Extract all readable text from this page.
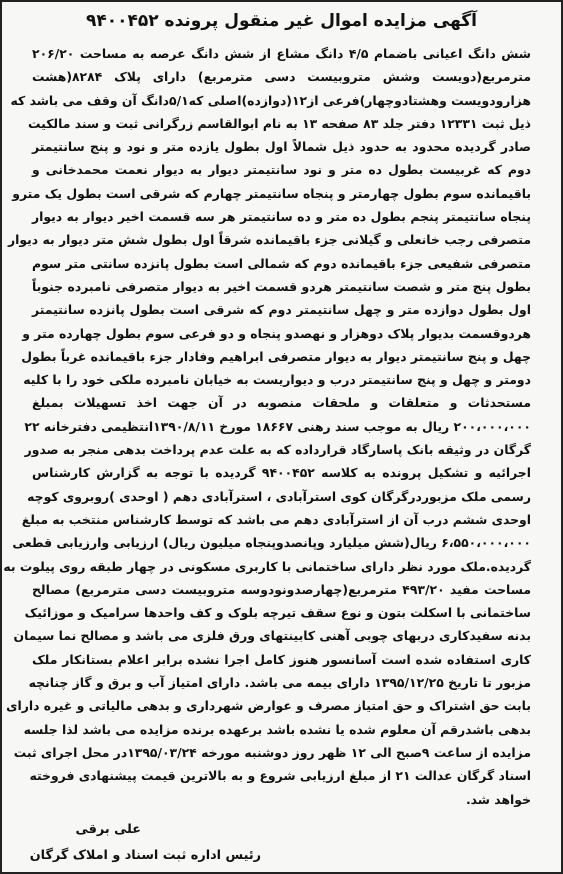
آگهی مزایده اموال غیر منقول پرونده ۹۴۰۰۴۵۲
شش دانگ اعیانی باضمام ۴/۵ دانگ مشاع از شش دانگ عرصه به مساحت ۲۰۶/۲۰
مترمربع(دویست وشش متروبیست دسی مترمربع) دارای پلاک ۸۲۸۴(هشت
هزارودویست وهشتادوچهار)فرعی از۱۲(دوازده)اصلی که۵/۱دانگ آن وقف می باشد که
ذیل ثبت ۱۲۳۳۱ دفتر جلد ۸۳ صفحه ۱۳ به نام ابوالقاسم زرگرانی ثبت و سند مالکیت
صادر گردیده محدود به حدود ذیل شمالاً اول بطول یازده متر و نود و پنج سانتیمتر
دوم که غربیست بطول ده متر و نود سانتیمتر دیوار به دیوار نعمت محمدخانی و
باقیمانده سوم بطول چهارمتر و پنجاه سانتیمتر چهارم که شرقی است بطول یک مترو
پنجاه سانتیمتر پنجم بطول ده متر و ده سانتیمتر هر سه قسمت اخیر دیوار به دیوار
متصرفی رجب خانعلی و گیلانی جزء باقیمانده شرقاً اول بطول شش متر دیوار به دیوار
متصرفی شفیعی جزء باقیمانده دوم که شمالی است بطول پانزده سانتی متر سوم
بطول پنج متر و شصت سانتیمتر هردو قسمت اخیر به دیوار متصرفی نامبرده جنوباً
اول بطول دوازده متر و چهل سانتیمتر دوم که شرقی است بطول پانزده سانتیمتر
هردوقسمت بدیوار پلاک دوهزار و نهصدو پنجاه و دو فرعی سوم بطول چهارده متر و
چهل و پنج سانتیمتر دیوار به دیوار متصرفی ابراهیم وفادار جزء باقیمانده غرباً بطول
دومتر و چهل و پنج سانتیمتر درب و دیواریست به خیابان نامبرده ملکی خود را با کلیه
مستحدثات و متعلقات و ملحقات منصوبه در آن جهت اخذ تسهیلات بمبلغ
۲۰۰،۰۰۰،۰۰۰ ریال به موجب سند رهنی ۱۸۶۶۷ مورخ ۱۳۹۰/۸/۱۱انتظیمی دفترخانه ۲۲
گرگان در وثیقه بانک پاسارگاد قرارداده که به علت عدم پرداخت بدهی منجر به صدور
اجرائیه و تشکیل پرونده به کلاسه ۹۴۰۰۴۵۲ گردیده با توجه به گزارش کارشناس
رسمی ملک مزبوردرگرگان کوی استرآبادی ، استرآبادی دهم ( اوحدی )روبروی کوچه
اوحدی ششم درب آن از استرآبادی دهم می باشد که توسط کارشناس منتخب به مبلغ
۶،۵۵۰،۰۰۰،۰۰۰ ریال(شش میلیارد وپانصدوپنجاه میلیون ریال) ارزیابی وارزیابی قطعی
گردیده.ملک مورد نظر دارای ساختمانی با کاربری مسکونی در چهار طبقه روی پیلوت به
مساحت مفید ۴۹۳/۲۰ مترمربع(چهارصدونودوسه متروبیست دسی مترمربع) مصالح
ساختمانی با اسکلت بتون و نوع سقف تیرچه بلوک و کف واحدها سرامیک و موزائیک
بدنه سفیدکاری دربهای چوبی آهنی کابینتهای ورق فلزی می باشد و مصالح نما سیمان
کاری استفاده شده است آسانسور هنوز کامل اجرا نشده برابر اعلام بستانکار ملک
مزبور تا تاریخ ۱۳۹۵/۱۲/۲۵ دارای بیمه می باشد. دارای امتیاز آب و برق و گاز چنانچه
بابت حق اشتراک و حق امتیاز مصرف و عوارض شهرداری و بدهی مالیاتی و غیره دارای
بدهی باشدرقم آن معلوم شده یا نشده باشد برعهده برنده مزایده می باشد لذا جلسه
مزایده از ساعت ۹صبح الی ۱۲ ظهر روز دوشنبه مورخه ۱۳۹۵/۰۳/۲۴در محل اجرای ثبت
اسناد گرگان عدالت ۲۱ از مبلغ ارزیابی شروع و به بالاترین قیمت پیشنهادی فروخته
خواهد شد.
علی برقی
رئیس اداره ثبت اسناد و املاک گرگان
